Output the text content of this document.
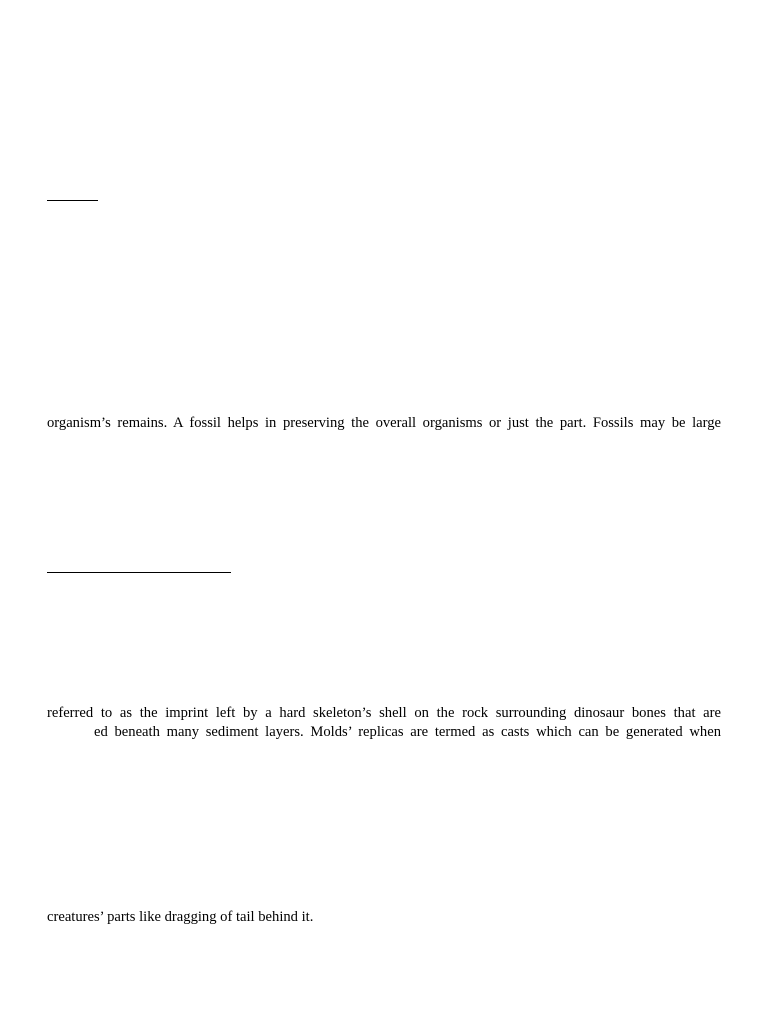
organism’s remains. A fossil helps in preserving the overall organisms or just the part. Fossils may be large
referred to as the imprint left by a hard skeleton’s shell on the rock surrounding dinosaur bones that are
ed beneath many sediment layers. Molds’ replicas are termed as casts which can be generated when
creatures’ parts like dragging of tail behind it.
